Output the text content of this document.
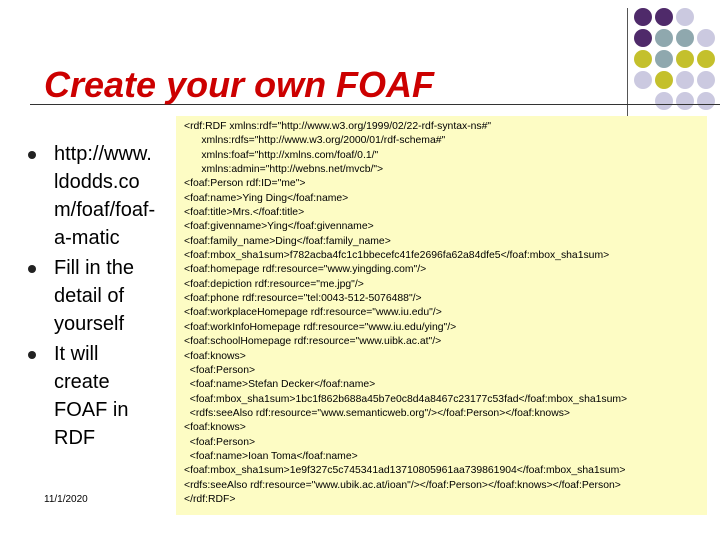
Create your own FOAF
http://www.
ldodds.co
m/foaf/foaf-
a-matic
Fill in the
detail of
yourself
It will
create
FOAF in
RDF
11/1/2020
<rdf:RDF xmlns:rdf="http://www.w3.org/1999/02/22-rdf-syntax-ns#"
xmlns:rdfs="http://www.w3.org/2000/01/rdf-schema#"
xmlns:foaf="http://xmlns.com/foaf/0.1/"
xmlns:admin="http://webns.net/mvcb/">
<foaf:Person rdf:ID="me">
<foaf:name>Ying Ding</foaf:name>
<foaf:title>Mrs.</foaf:title>
<foaf:givenname>Ying</foaf:givenname>
<foaf:family_name>Ding</foaf:family_name>
<foaf:mbox_sha1sum>f782acba4fc1c1bbecefc41fe2696fa62a84dfe5</foaf:mbox_sha1sum>
<foaf:homepage rdf:resource="www.yingding.com"/>
<foaf:depiction rdf:resource="me.jpg"/>
<foaf:phone rdf:resource="tel:0043-512-5076488"/>
<foaf:workplaceHomepage rdf:resource="www.iu.edu"/>
<foaf:workInfoHomepage rdf:resource="www.iu.edu/ying"/>
<foaf:schoolHomepage rdf:resource="www.uibk.ac.at"/>
<foaf:knows>
<foaf:Person>
<foaf:name>Stefan Decker</foaf:name>
<foaf:mbox_sha1sum>1bc1f862b688a45b7e0c8d4a8467c23177c53fad</foaf:mbox_sha1sum>
<rdfs:seeAlso rdf:resource="www.semanticweb.org"/></foaf:Person></foaf:knows>
<foaf:knows>
<foaf:Person>
<foaf:name>Ioan Toma</foaf:name>
<foaf:mbox_sha1sum>1e9f327c5c745341ad13710805961aa739861904</foaf:mbox_sha1sum>
<rdfs:seeAlso rdf:resource="www.ubik.ac.at/ioan"/></foaf:Person></foaf:knows></foaf:Person>
</rdf:RDF>
